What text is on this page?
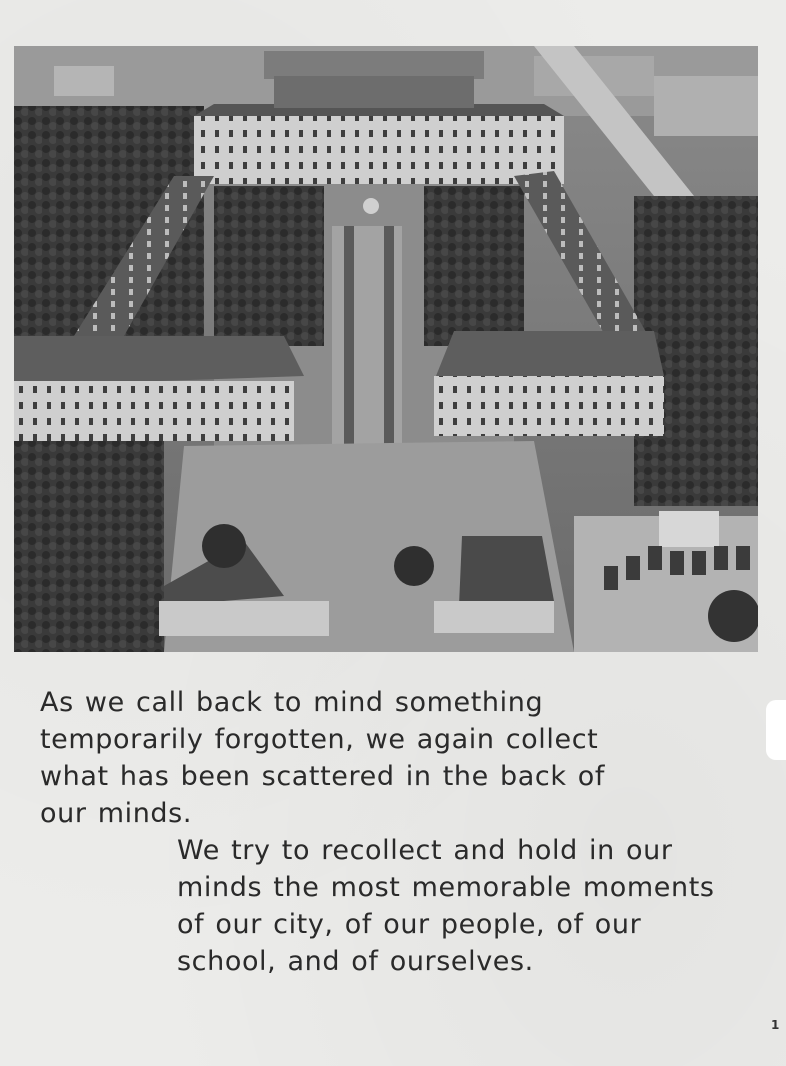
As we call back to mind something temporarily forgotten, we again collect what has been scattered in the back of our minds.

We try to recollect and hold in our minds the most memorable moments of our city, of our people, of our school, and of ourselves.

1
